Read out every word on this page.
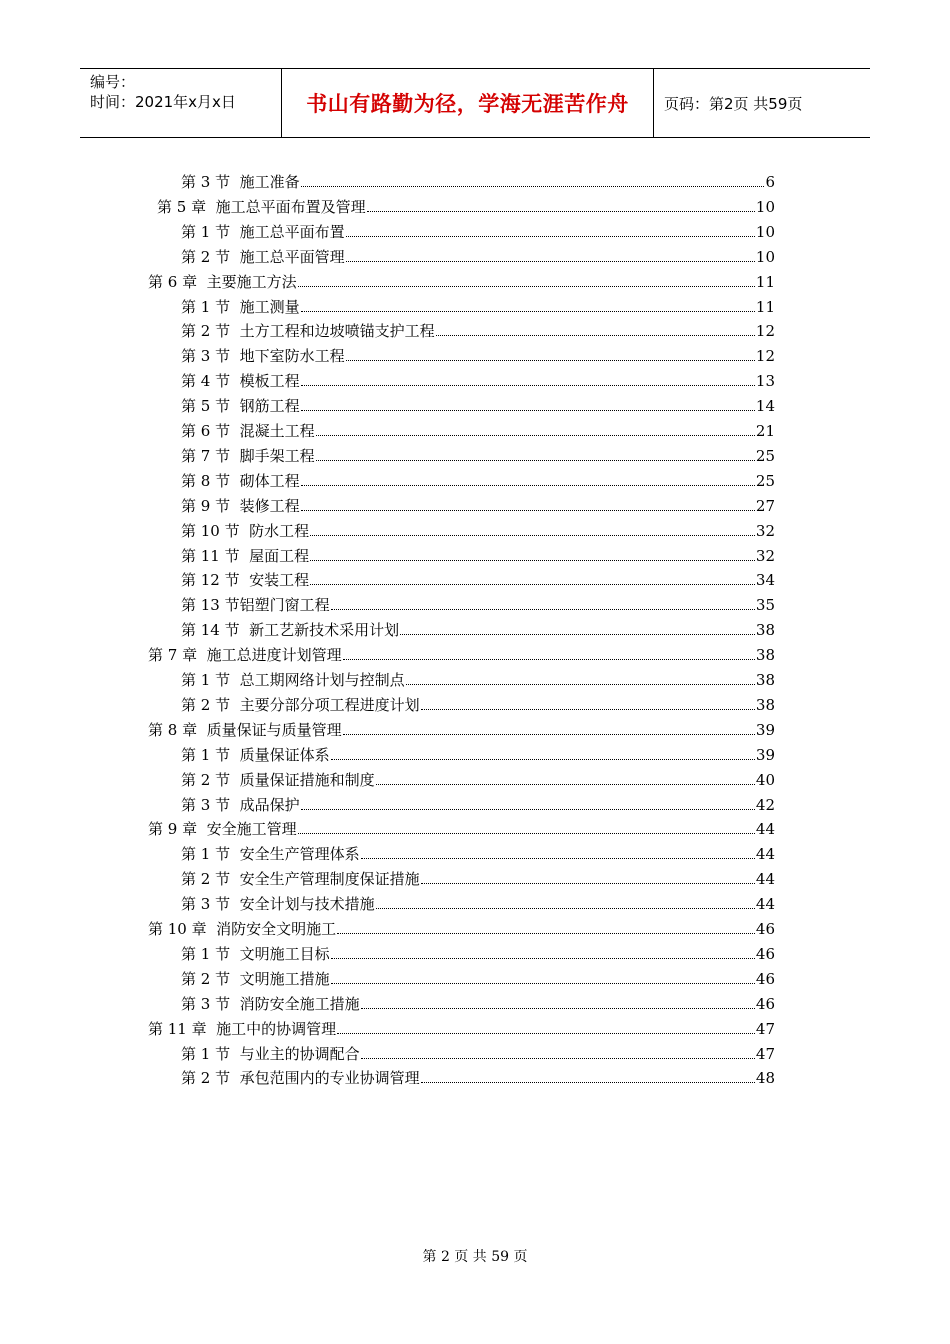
编号：
时间：2021年x月x日	书山有路勤为径，学海无涯苦作舟 页码：第2页 共59页
第 3 节  施工准备	6
第 5 章  施工总平面布置及管理	10
第 1 节  施工总平面布置	10
第 2 节  施工总平面管理	10
第 6 章  主要施工方法	11
第 1 节  施工测量	11
第 2 节  土方工程和边坡喷锚支护工程	12
第 3 节  地下室防水工程	12
第 4 节  模板工程	13
第 5 节  钢筋工程	14
第 6 节  混凝土工程	21
第 7 节  脚手架工程	25
第 8 节  砌体工程	25
第 9 节  装修工程	27
第 10 节  防水工程	32
第 11 节  屋面工程	32
第 12 节  安装工程	34
第 13 节铝塑门窗工程	35
第 14 节  新工艺新技术采用计划	38
第 7 章  施工总进度计划管理	38
第 1 节  总工期网络计划与控制点	38
第 2 节  主要分部分项工程进度计划	38
第 8 章  质量保证与质量管理	39
第 1 节  质量保证体系	39
第 2 节  质量保证措施和制度	40
第 3 节  成品保护	42
第 9 章  安全施工管理	44
第 1 节  安全生产管理体系	44
第 2 节  安全生产管理制度保证措施	44
第 3 节  安全计划与技术措施	44
第 10 章  消防安全文明施工	46
第 1 节  文明施工目标	46
第 2 节  文明施工措施	46
第 3 节  消防安全施工措施	46
第 11 章  施工中的协调管理	47
第 1 节  与业主的协调配合	47
第 2 节  承包范围内的专业协调管理	48
第 2 页 共 59 页
